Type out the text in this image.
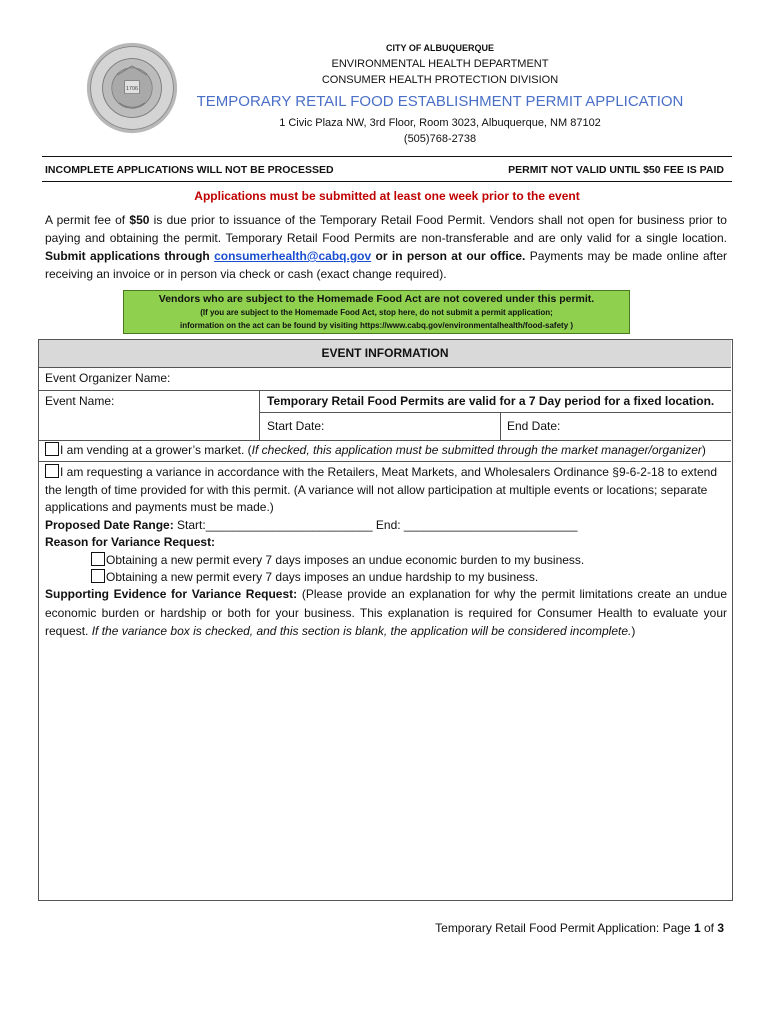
1706
CITY OF ALBUQUERQUE
ENVIRONMENTAL HEALTH DEPARTMENT
CONSUMER HEALTH PROTECTION DIVISION
TEMPORARY RETAIL FOOD ESTABLISHMENT PERMIT APPLICATION
1 Civic Plaza NW, 3rd Floor, Room 3023, Albuquerque, NM 87102
(505)768-2738
INCOMPLETE APPLICATIONS WILL NOT BE PROCESSED	PERMIT NOT VALID UNTIL $50 FEE IS PAID
Applications must be submitted at least one week prior to the event
A permit fee of $50 is due prior to issuance of the Temporary Retail Food Permit. Vendors shall not open for business prior to paying and obtaining the permit. Temporary Retail Food Permits are non-transferable and are only valid for a single location. Submit applications through consumerhealth@cabq.gov or in person at our office. Payments may be made online after receiving an invoice or in person via check or cash (exact change required).
Vendors who are subject to the Homemade Food Act are not covered under this permit.
(If you are subject to the Homemade Food Act, stop here, do not submit a permit application;
information on the act can be found by visiting https://www.cabq.gov/environmentalhealth/food-safety )
EVENT INFORMATION
Event Organizer Name:
Event Name:	Temporary Retail Food Permits are valid for a 7 Day period for a fixed location.
Start Date:	End Date:
I am vending at a grower’s market. (If checked, this application must be submitted through the market manager/organizer)
I am requesting a variance in accordance with the Retailers, Meat Markets, and Wholesalers Ordinance §9-6-2-18 to extend the length of time provided for with this permit. (A variance will not allow participation at multiple events or locations; separate applications and payments must be made.)
Proposed Date Range: Start:_________________________ End: __________________________
Reason for Variance Request:
Obtaining a new permit every 7 days imposes an undue economic burden to my business.
Obtaining a new permit every 7 days imposes an undue hardship to my business.
Supporting Evidence for Variance Request: (Please provide an explanation for why the permit limitations create an undue economic burden or hardship or both for your business. This explanation is required for Consumer Health to evaluate your request. If the variance box is checked, and this section is blank, the application will be considered incomplete.)
Temporary Retail Food Permit Application: Page 1 of 3
